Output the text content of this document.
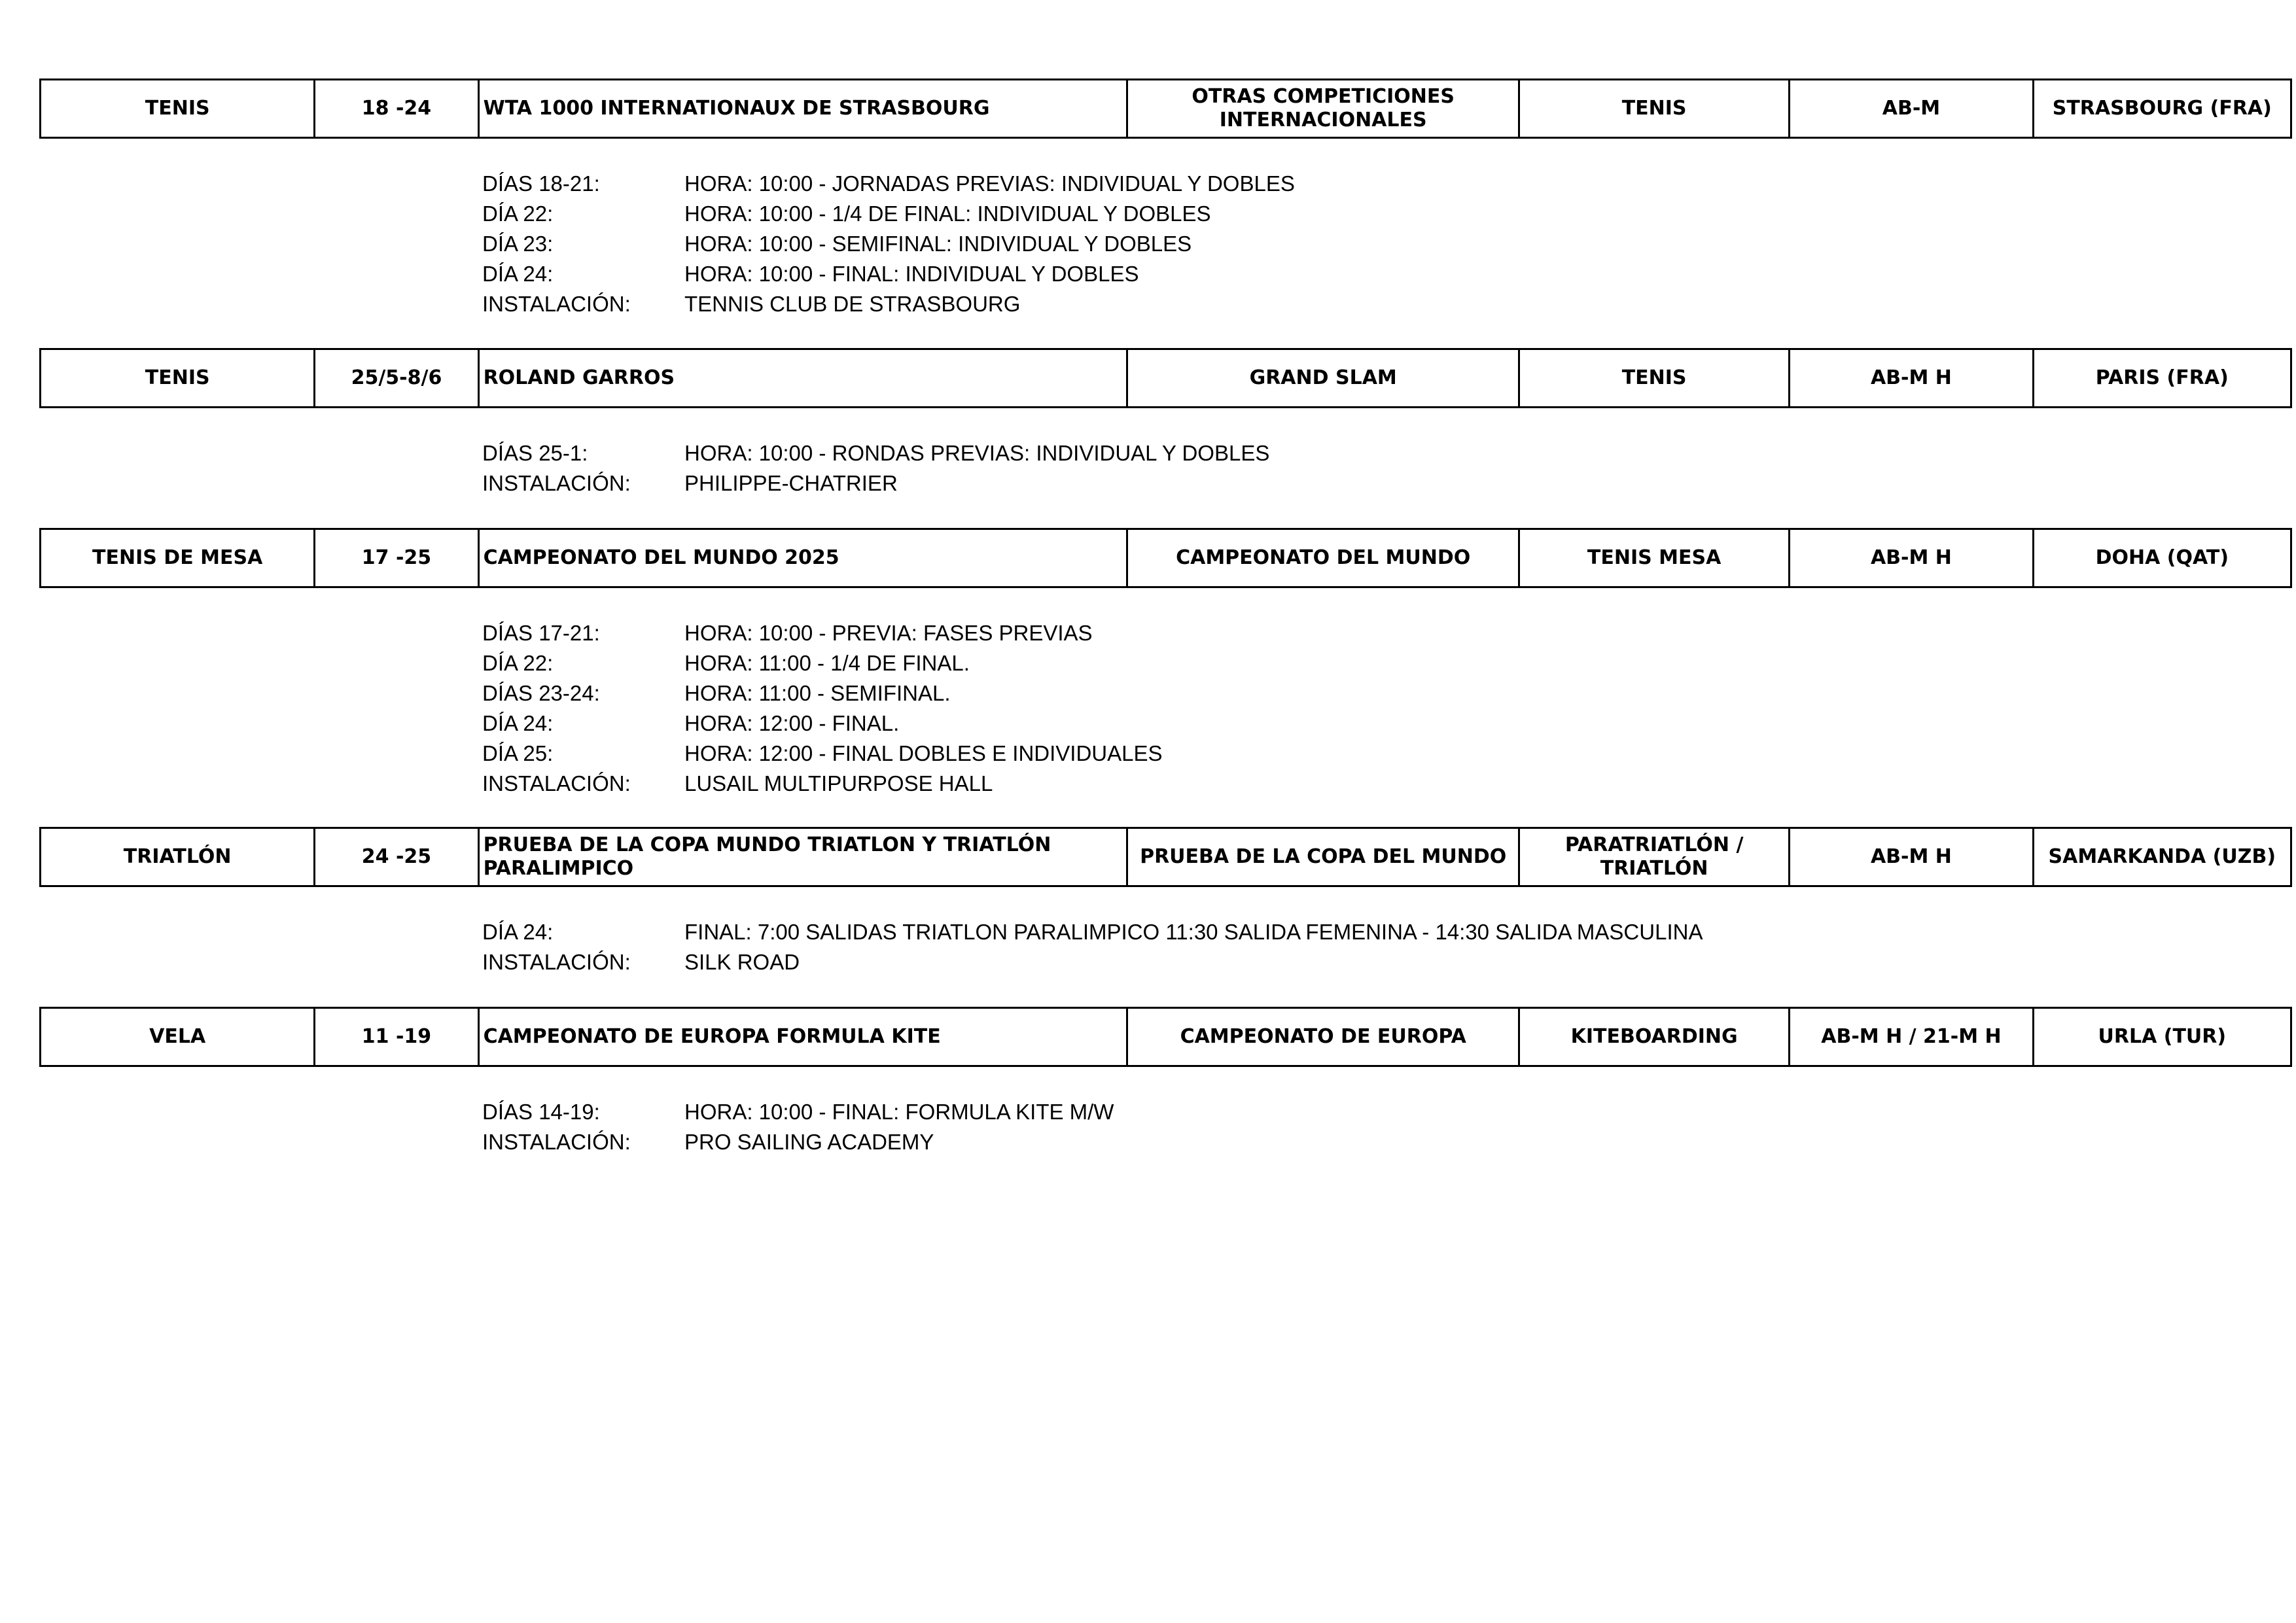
TENIS	18 -24	WTA 1000 INTERNATIONAUX DE STRASBOURG	OTRAS COMPETICIONES INTERNACIONALES	TENIS	AB-M	STRASBOURG (FRA)
DÍAS 18-21:	HORA: 10:00 - JORNADAS PREVIAS: INDIVIDUAL Y DOBLES
DÍA 22:	HORA: 10:00 - 1/4 DE FINAL: INDIVIDUAL Y DOBLES
DÍA 23:	HORA: 10:00 - SEMIFINAL: INDIVIDUAL Y DOBLES
DÍA 24:	HORA: 10:00 - FINAL: INDIVIDUAL Y DOBLES
INSTALACIÓN: TENNIS CLUB DE STRASBOURG
TENIS	25/5-8/6	ROLAND GARROS	GRAND SLAM	TENIS	AB-M H	PARIS (FRA)
DÍAS 25-1:	HORA: 10:00 - RONDAS PREVIAS: INDIVIDUAL Y DOBLES
INSTALACIÓN: PHILIPPE-CHATRIER
TENIS DE MESA	17 -25	CAMPEONATO DEL MUNDO 2025	CAMPEONATO DEL MUNDO	TENIS MESA	AB-M H	DOHA (QAT)
DÍAS 17-21:	HORA: 10:00 - PREVIA: FASES PREVIAS
DÍA 22:	HORA: 11:00 - 1/4 DE FINAL.
DÍAS 23-24:	HORA: 11:00 - SEMIFINAL.
DÍA 24:	HORA: 12:00 - FINAL.
DÍA 25:	HORA: 12:00 - FINAL DOBLES E INDIVIDUALES
INSTALACIÓN: LUSAIL MULTIPURPOSE HALL
TRIATLÓN	24 -25	PRUEBA DE LA COPA MUNDO TRIATLON Y TRIATLÓN PARALIMPICO	PRUEBA DE LA COPA DEL MUNDO	PARATRIATLÓN / TRIATLÓN	AB-M H	SAMARKANDA (UZB)
DÍA 24:	FINAL: 7:00 SALIDAS TRIATLON PARALIMPICO 11:30 SALIDA FEMENINA - 14:30 SALIDA MASCULINA
INSTALACIÓN: SILK ROAD
VELA	11 -19	CAMPEONATO DE EUROPA FORMULA KITE	CAMPEONATO DE EUROPA	KITEBOARDING	AB-M H / 21-M H	URLA (TUR)
DÍAS 14-19:	HORA: 10:00 - FINAL: FORMULA KITE M/W
INSTALACIÓN: PRO SAILING ACADEMY
